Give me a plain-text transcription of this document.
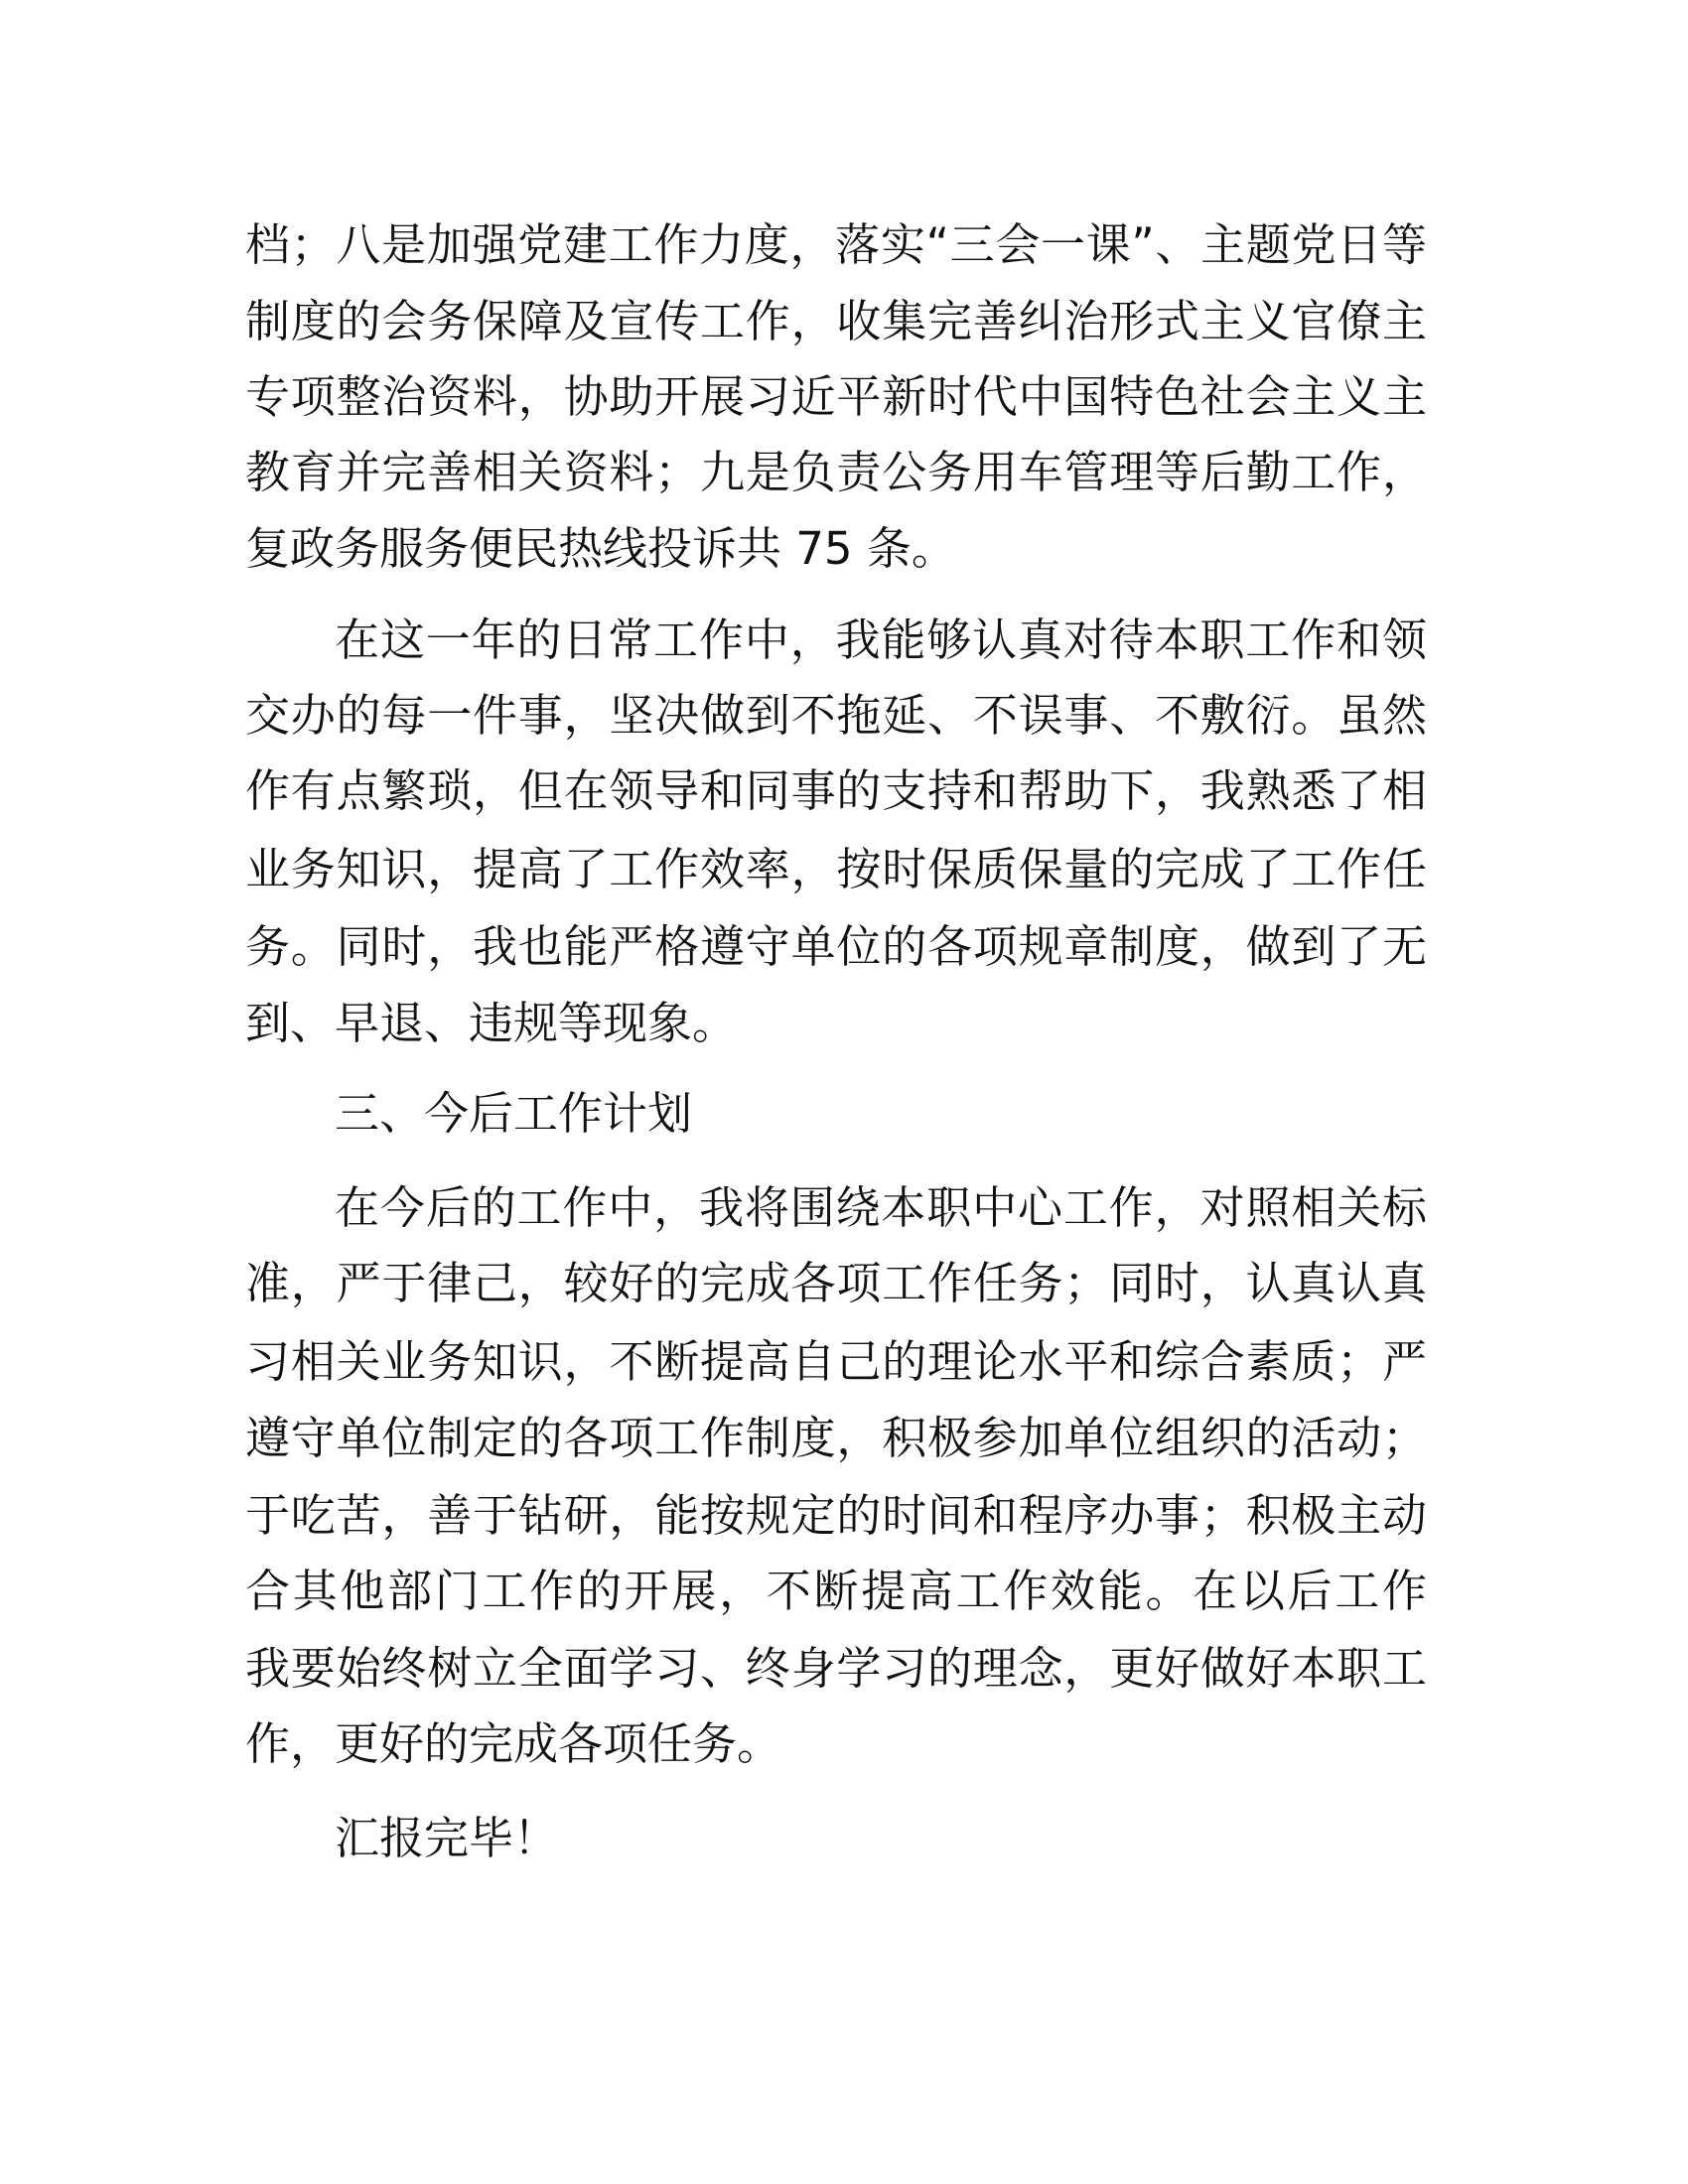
档；八是加强党建工作力度，落实“三会一课”、主题党日等
制度的会务保障及宣传工作，收集完善纠治形式主义官僚主
专项整治资料，协助开展习近平新时代中国特色社会主义主
教育并完善相关资料；九是负责公务用车管理等后勤工作，
复政务服务便民热线投诉共 75 条。
在这一年的日常工作中，我能够认真对待本职工作和领
交办的每一件事，坚决做到不拖延、不误事、不敷衍。虽然
作有点繁琐，但在领导和同事的支持和帮助下，我熟悉了相
业务知识，提高了工作效率，按时保质保量的完成了工作任
务。同时，我也能严格遵守单位的各项规章制度，做到了无
到、早退、违规等现象。
三、今后工作计划
在今后的工作中，我将围绕本职中心工作，对照相关标
准，严于律己，较好的完成各项工作任务；同时，认真认真
习相关业务知识，不断提高自己的理论水平和综合素质；严
遵守单位制定的各项工作制度，积极参加单位组织的活动；
于吃苦，善于钻研，能按规定的时间和程序办事；积极主动
合其他部门工作的开展，不断提高工作效能。在以后工作
我要始终树立全面学习、终身学习的理念，更好做好本职工
作，更好的完成各项任务。
汇报完毕！
